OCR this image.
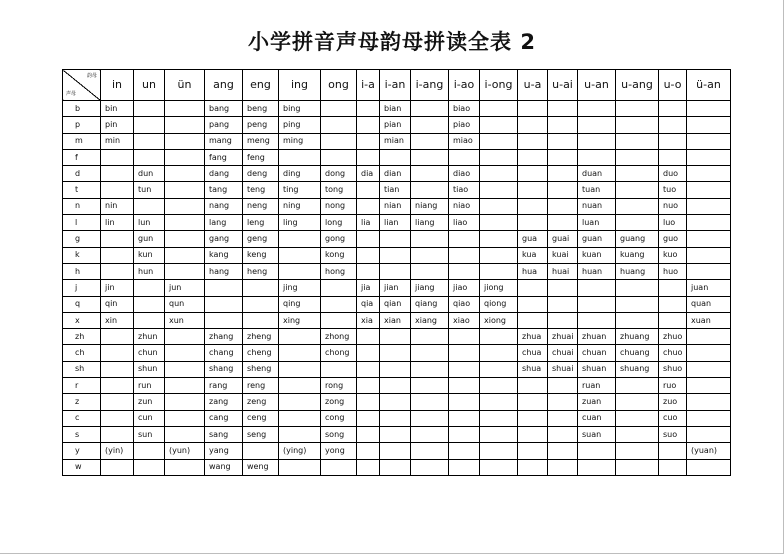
小学拼音声母韵母拼读全表 2
韵母
声母	in	un	ün	ang	eng	ing	ong	i-a	i-an	i-ang	i-ao	i-ong	u-a	u-ai	u-an	u-ang	u-o	ü-an
b	bin			bang	beng	bing			bian		biao							
p	pin			pang	peng	ping			pian		piao							
m	min			mang	meng	ming			mian		miao							
f				fang	feng													
d		dun		dang	deng	ding	dong	dia	dian		diao				duan		duo	
t		tun		tang	teng	ting	tong		tian		tiao				tuan		tuo	
n	nin			nang	neng	ning	nong		nian	niang	niao				nuan		nuo	
l	lin	lun		lang	leng	ling	long	lia	lian	liang	liao				luan		luo	
g		gun		gang	geng		gong						gua	guai	guan	guang	guo	
k		kun		kang	keng		kong						kua	kuai	kuan	kuang	kuo	
h		hun		hang	heng		hong						hua	huai	huan	huang	huo	
j	jin		jun			jing		jia	jian	jiang	jiao	jiong						juan
q	qin		qun			qing		qia	qian	qiang	qiao	qiong						quan
x	xin		xun			xing		xia	xian	xiang	xiao	xiong						xuan
zh		zhun		zhang	zheng		zhong						zhua	zhuai	zhuan	zhuang	zhuo	
ch		chun		chang	cheng		chong						chua	chuai	chuan	chuang	chuo	
sh		shun		shang	sheng								shua	shuai	shuan	shuang	shuo	
r		run		rang	reng		rong								ruan		ruo	
z		zun		zang	zeng		zong								zuan		zuo	
c		cun		cang	ceng		cong								cuan		cuo	
s		sun		sang	seng		song								suan		suo	
y	(yin)		(yun)	yang		(ying)	yong											(yuan)
w				wang	weng													
